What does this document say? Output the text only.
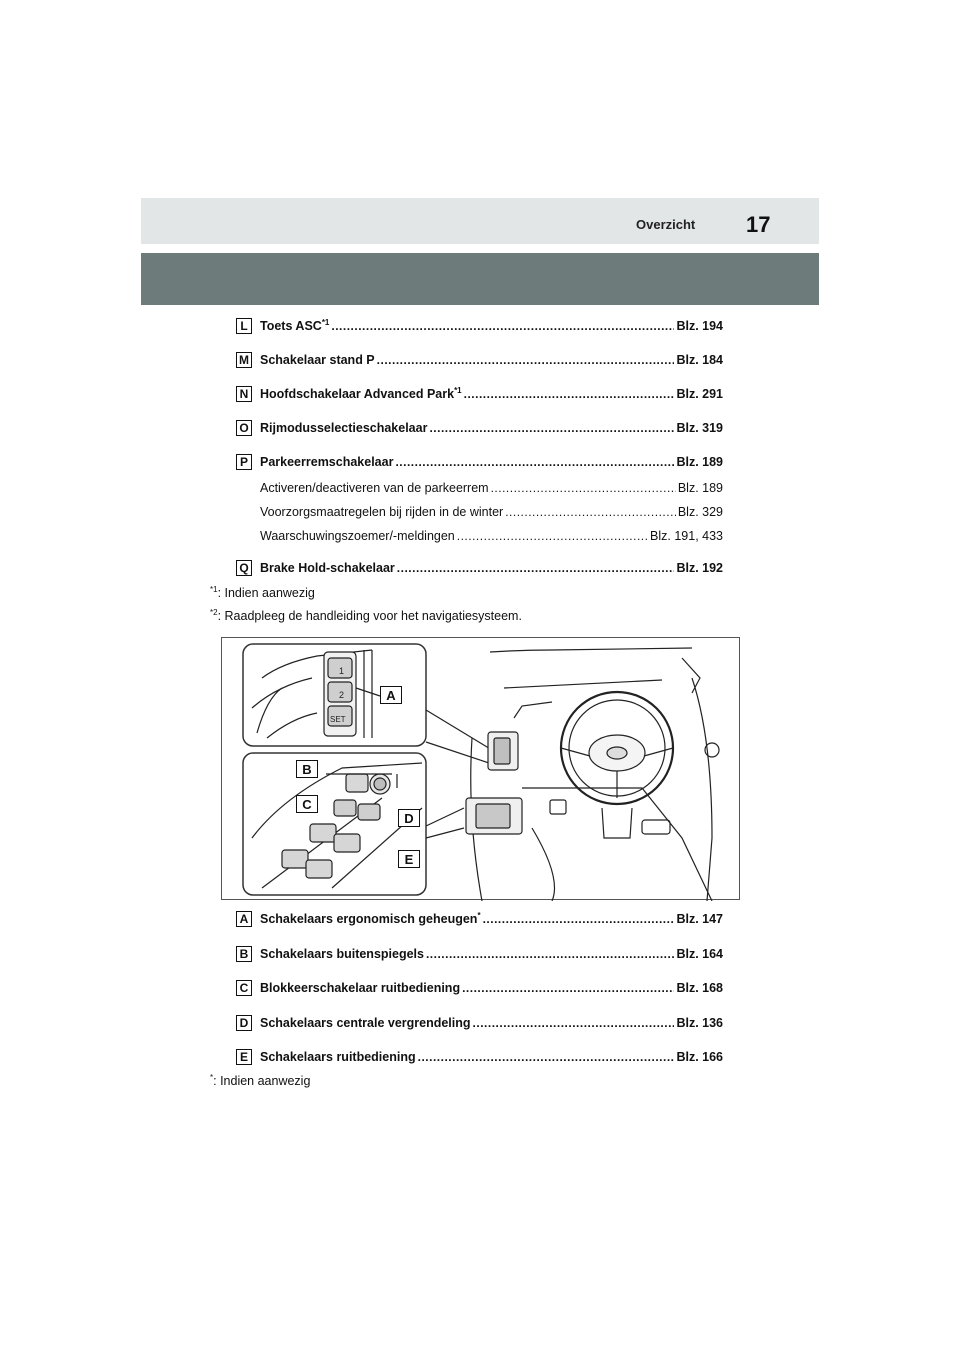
Overzicht 17
L Toets ASC$^{*1}$ .....	Blz. 194
M Schakelaar stand P .....	Blz. 184
N Hoofdschakelaar Advanced Park$^{*1}$ .....	Blz. 291
O Rijmodusselectieschakelaar .....	Blz. 319
P Parkeerremschakelaar .....	Blz. 189
Activeren/deactiveren van de parkeerrem .....	Blz. 189
Voorzorgsmaatregelen bij rijden in de winter .....	Blz. 329
Waarschuwingszoemer/-meldingen .....	Blz. 191, 433
Q Brake Hold-schakelaar .....	Blz. 192
$^{*1}$: Indien aanwezig
$^{*2}$: Raadpleeg de handleiding voor het navigatiesysteem.
1
2
SET
A
B
C
D
E
A Schakelaars ergonomisch geheugen* .....	Blz. 147
B Schakelaars buitenspiegels .....	Blz. 164
C Blokkeerschakelaar ruitbediening .....	Blz. 168
D Schakelaars centrale vergrendeling .....	Blz. 136
E Schakelaars ruitbediening .....	Blz. 166
*: Indien aanwezig
